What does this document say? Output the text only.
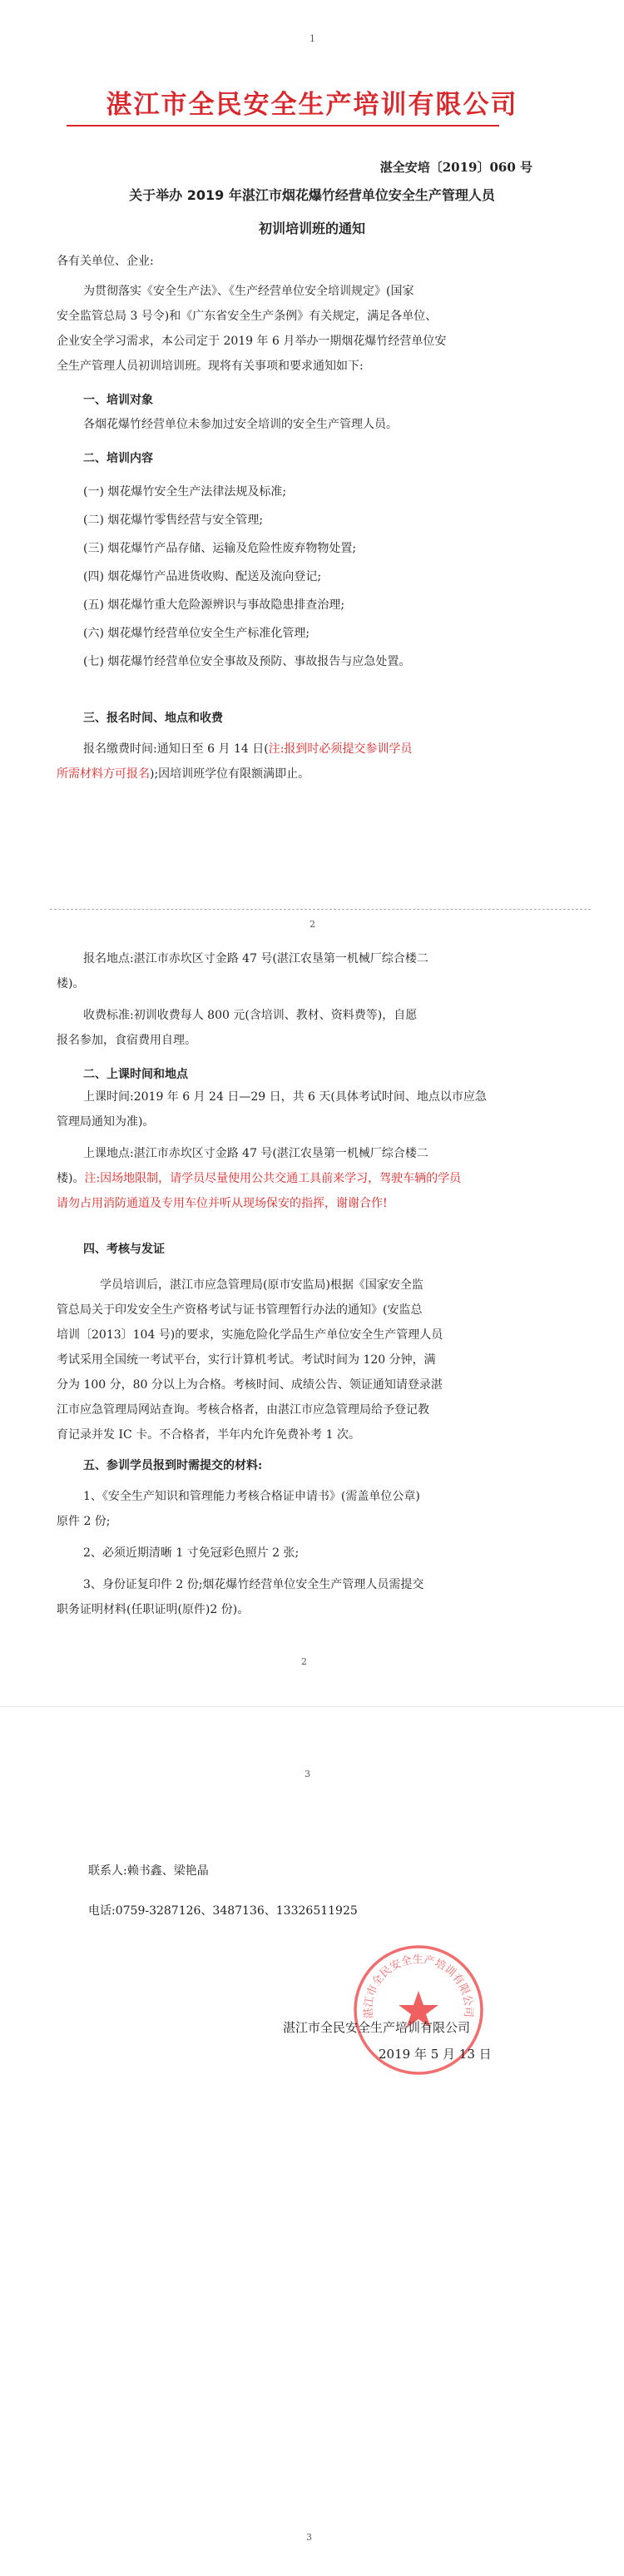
1
湛江市全民安全生产培训有限公司
湛全安培〔2019〕060 号
关于举办 2019 年湛江市烟花爆竹经营单位安全生产管理人员
初训培训班的通知
各有关单位、企业:
为贯彻落实《安全生产法》、《生产经营单位安全培训规定》(国家
安全监管总局 3 号令)和《广东省安全生产条例》有关规定，满足各单位、
企业安全学习需求，本公司定于 2019 年 6 月举办一期烟花爆竹经营单位安
全生产管理人员初训培训班。现将有关事项和要求通知如下:
一、培训对象
各烟花爆竹经营单位未参加过安全培训的安全生产管理人员。
二、培训内容
(一) 烟花爆竹安全生产法律法规及标准;
(二) 烟花爆竹零售经营与安全管理;
(三) 烟花爆竹产品存储、运输及危险性废弃物物处置;
(四) 烟花爆竹产品进货收购、配送及流向登记;
(五) 烟花爆竹重大危险源辨识与事故隐患排查治理;
(六) 烟花爆竹经营单位安全生产标准化管理;
(七) 烟花爆竹经营单位安全事故及预防、事故报告与应急处置。
三、报名时间、地点和收费
报名缴费时间:通知日至 6 月 14 日(注:报到时必须提交参训学员
所需材料方可报名);因培训班学位有限额满即止。
2
报名地点:湛江市赤坎区寸金路 47 号(湛江农垦第一机械厂综合楼二
楼)。
收费标准:初训收费每人 800 元(含培训、教材、资料费等)，自愿
报名参加，食宿费用自理。
二、上课时间和地点
上课时间:2019 年 6 月 24 日—29 日，共 6 天(具体考试时间、地点以市应急
管理局通知为准)。
上课地点:湛江市赤坎区寸金路 47 号(湛江农垦第一机械厂综合楼二
楼)。注:因场地限制，请学员尽量使用公共交通工具前来学习，驾驶车辆的学员
请勿占用消防通道及专用车位并听从现场保安的指挥，谢谢合作!
四、考核与发证
学员培训后，湛江市应急管理局(原市安监局)根据《国家安全监
管总局关于印发安全生产资格考试与证书管理暂行办法的通知》(安监总
培训〔2013〕104 号)的要求，实施危险化学品生产单位安全生产管理人员
考试采用全国统一考试平台，实行计算机考试。考试时间为 120 分钟，满
分为 100 分，80 分以上为合格。考核时间、成绩公告、领证通知请登录湛
江市应急管理局网站查询。考核合格者，由湛江市应急管理局给予登记教
育记录并发 IC 卡。不合格者，半年内允许免费补考 1 次。
五、参训学员报到时需提交的材料:
1、《安全生产知识和管理能力考核合格证申请书》(需盖单位公章)
原件 2 份;
2、必须近期清晰 1 寸免冠彩色照片 2 张;
3、身份证复印件 2 份;烟花爆竹经营单位安全生产管理人员需提交
职务证明材料(任职证明(原件)2 份)。
2
3
联系人:赖书鑫、梁艳晶
电话:0759-3287126、3487136、13326511925
湛江市全民安全生产培训有限公司
湛江市全民安全生产培训有限公司
2019 年 5 月 13 日
3
